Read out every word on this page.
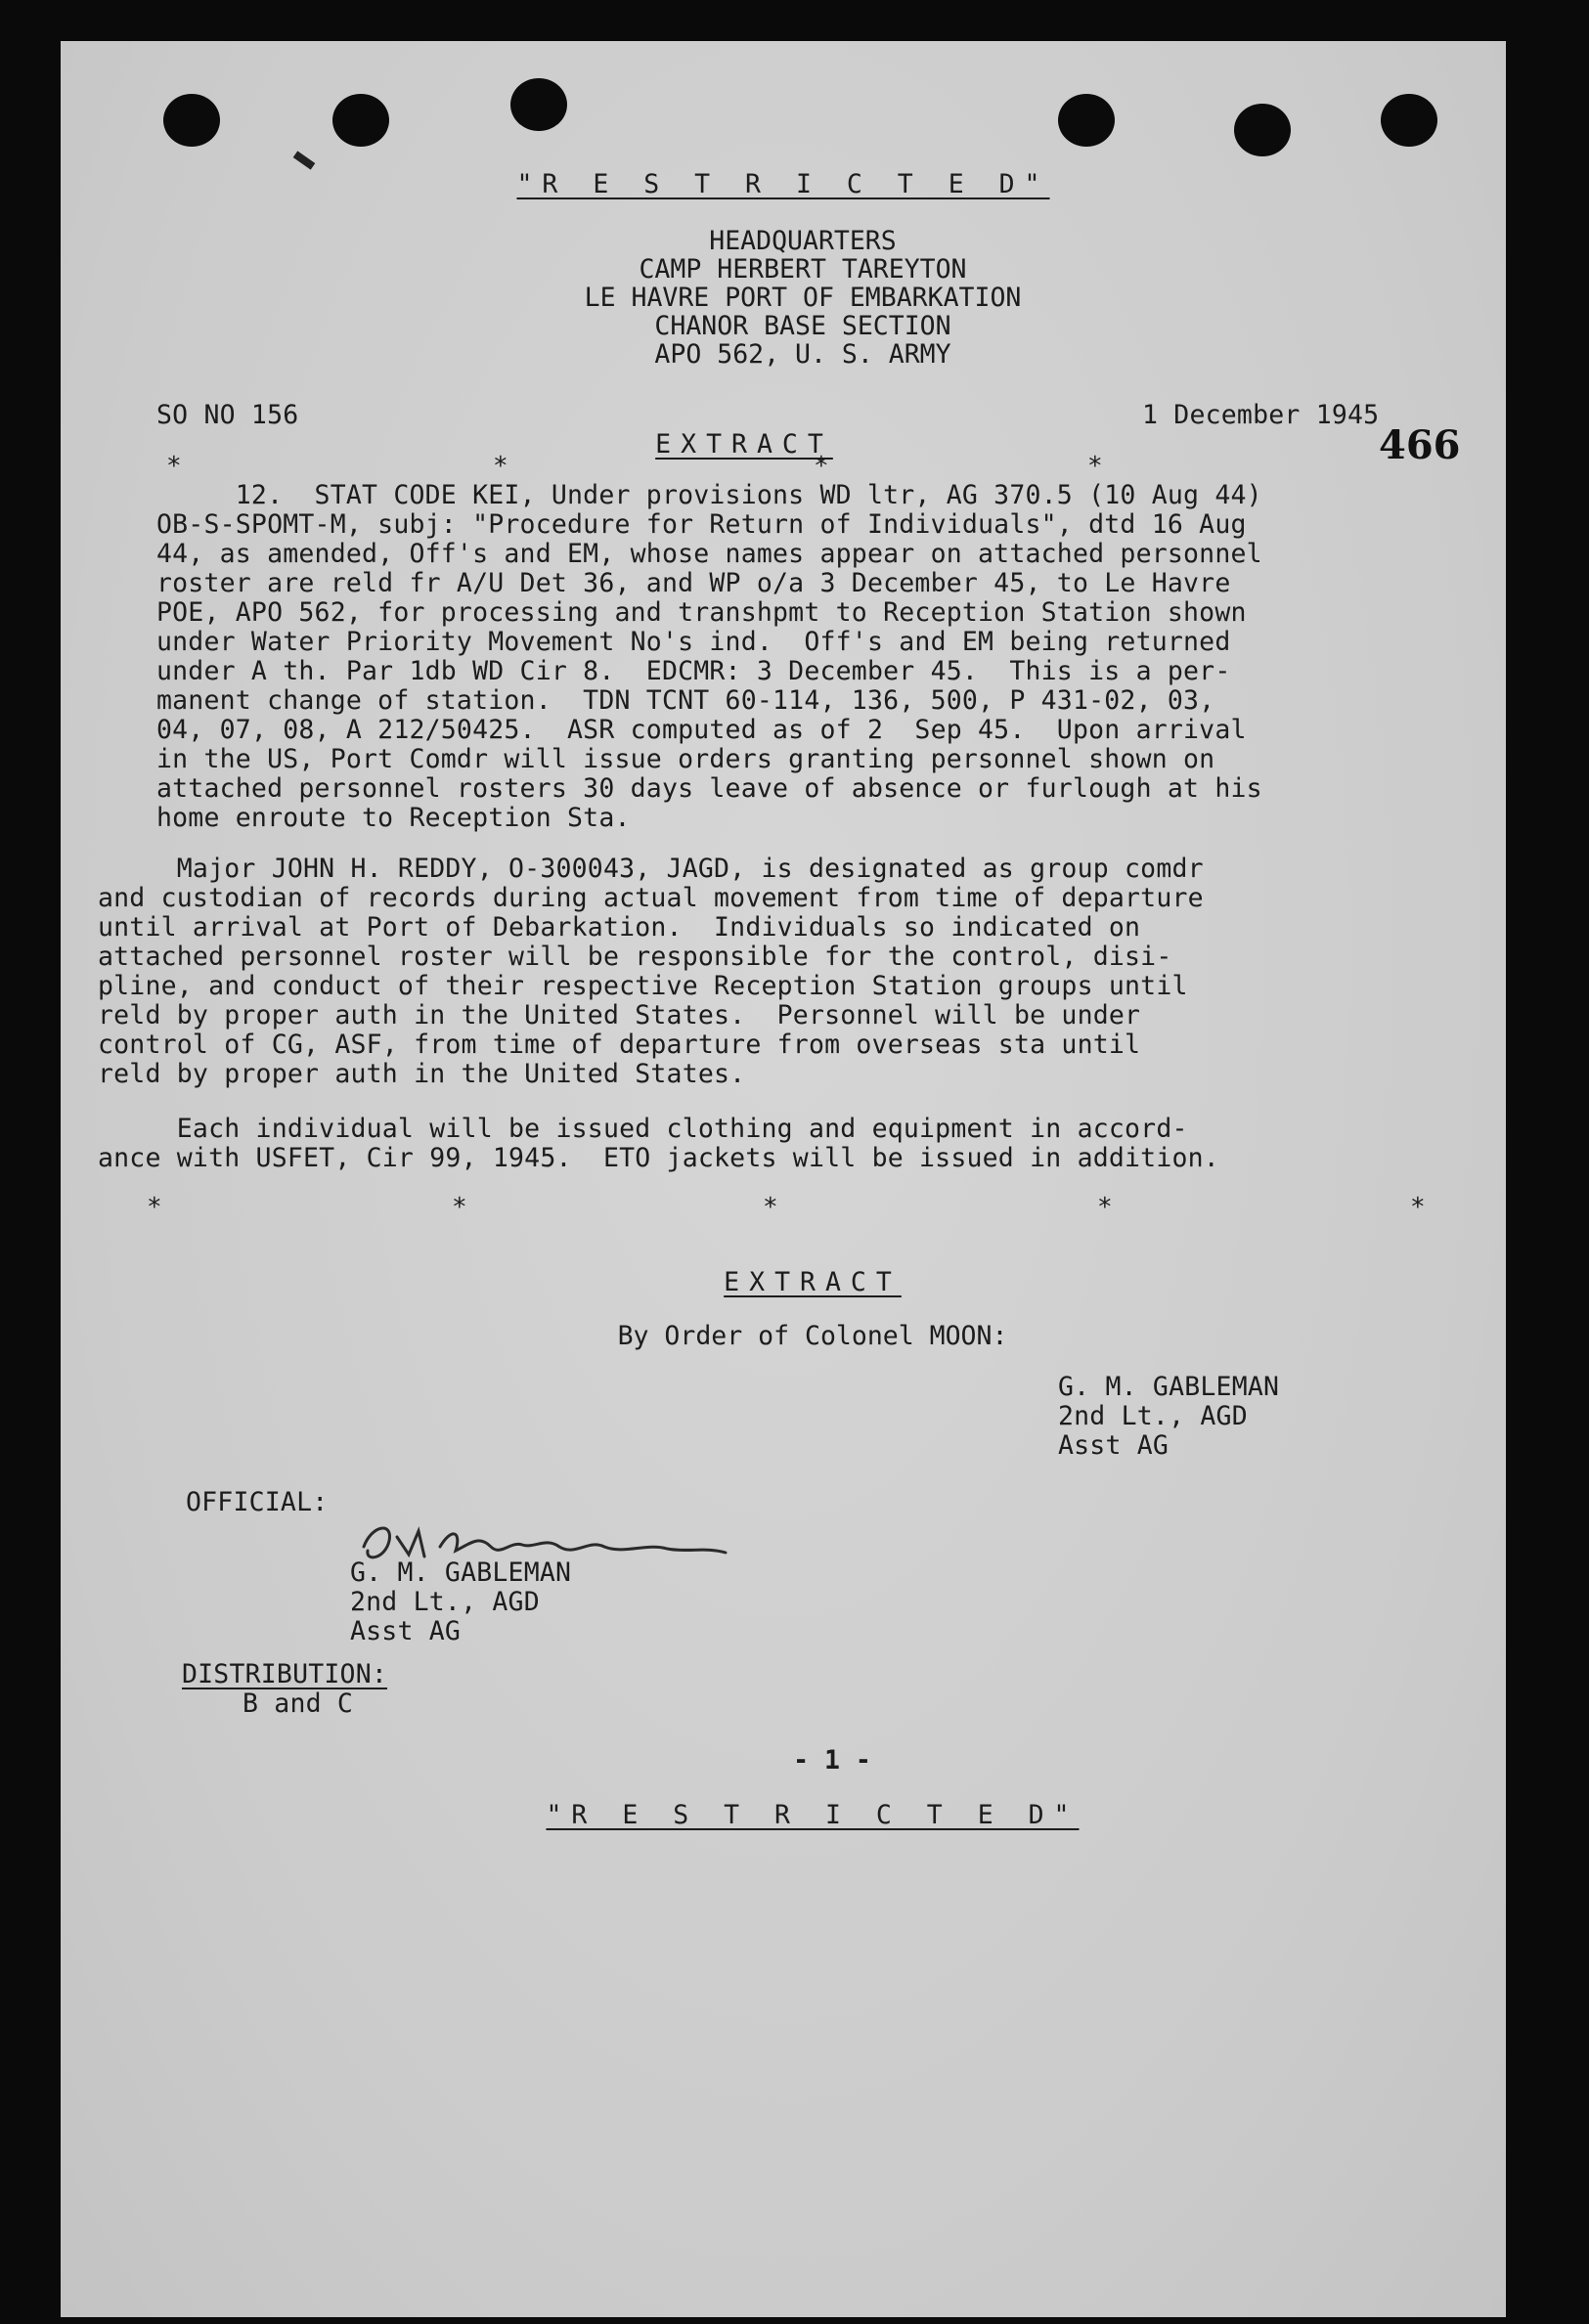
"R E S T R I C T E D"
HEADQUARTERS
CAMP HERBERT TAREYTON
LE HAVRE PORT OF EMBARKATION
CHANOR BASE SECTION
APO 562, U. S. ARMY
SO NO 156	1 December 1945
466
EXTRACT
*	*	*	*
12.  STAT CODE KEI, Under provisions WD ltr, AG 370.5 (10 Aug 44)
OB-S-SPOMT-M, subj: "Procedure for Return of Individuals", dtd 16 Aug
44, as amended, Off's and EM, whose names appear on attached personnel
roster are reld fr A/U Det 36, and WP o/a 3 December 45, to Le Havre
POE, APO 562, for processing and transhpmt to Reception Station shown
under Water Priority Movement No's ind.  Off's and EM being returned
under A th. Par 1db WD Cir 8.  EDCMR: 3 December 45.  This is a per-
manent change of station.  TDN TCNT 60-114, 136, 500, P 431-02, 03,
04, 07, 08, A 212/50425.  ASR computed as of 2  Sep 45.  Upon arrival
in the US, Port Comdr will issue orders granting personnel shown on
attached personnel rosters 30 days leave of absence or furlough at his
home enroute to Reception Sta.
Major JOHN H. REDDY, O-300043, JAGD, is designated as group comdr
and custodian of records during actual movement from time of departure
until arrival at Port of Debarkation.  Individuals so indicated on
attached personnel roster will be responsible for the control, disi-
pline, and conduct of their respective Reception Station groups until
reld by proper auth in the United States.  Personnel will be under
control of CG, ASF, from time of departure from overseas sta until
reld by proper auth in the United States.
Each individual will be issued clothing and equipment in accord-
ance with USFET, Cir 99, 1945.  ETO jackets will be issued in addition.
*	*	*	*	*
EXTRACT
By Order of Colonel MOON:
G. M. GABLEMAN
2nd Lt., AGD
Asst AG
OFFICIAL:
G. M. GABLEMAN
2nd Lt., AGD
Asst AG
DISTRIBUTION:
B and C
- 1 -
"R E S T R I C T E D"
